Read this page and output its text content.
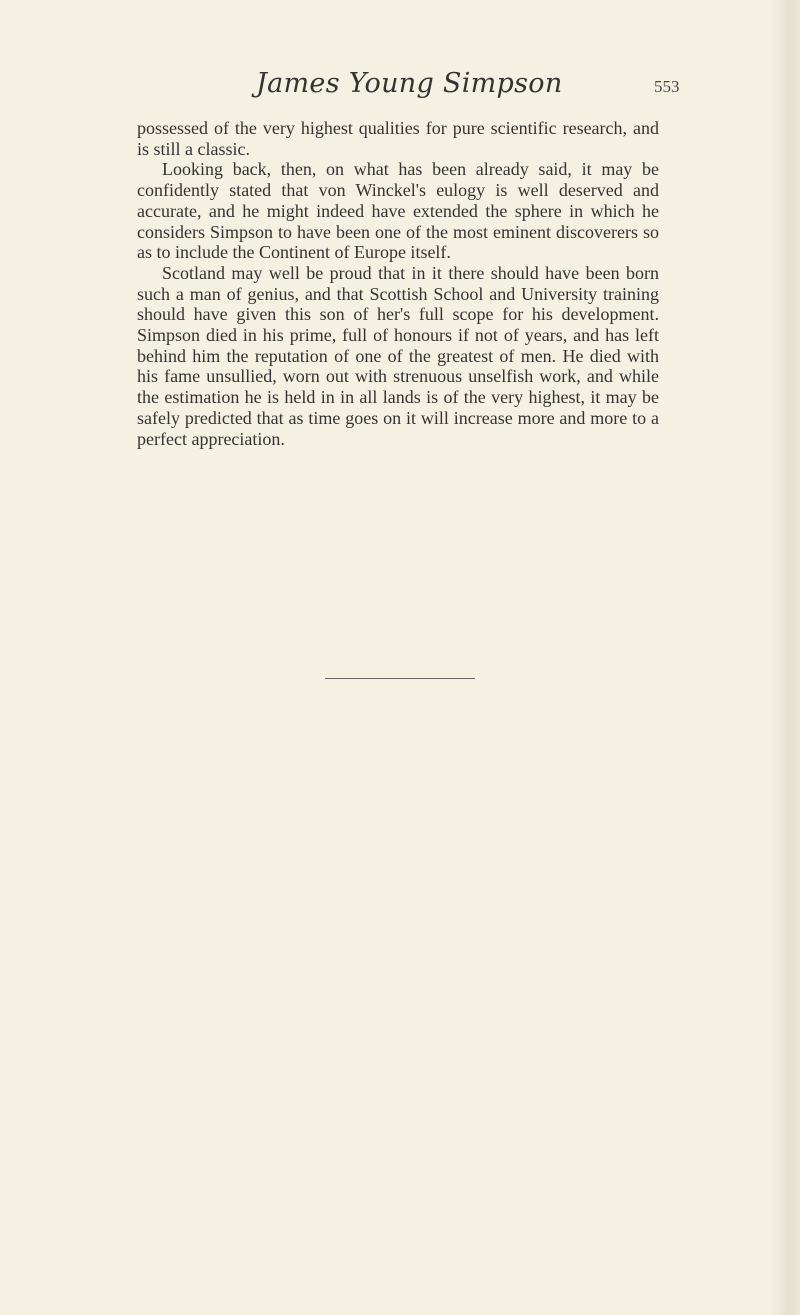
James Young Simpson	553

possessed of the very highest qualities for pure scientific research, and is still a classic.

Looking back, then, on what has been already said, it may be confidently stated that von Winckel's eulogy is well deserved and accurate, and he might indeed have extended the sphere in which he considers Simpson to have been one of the most eminent discoverers so as to include the Continent of Europe itself.

Scotland may well be proud that in it there should have been born such a man of genius, and that Scottish School and University training should have given this son of her's full scope for his development. Simpson died in his prime, full of honours if not of years, and has left behind him the reputation of one of the greatest of men. He died with his fame unsullied, worn out with strenuous unselfish work, and while the estimation he is held in in all lands is of the very highest, it may be safely predicted that as time goes on it will increase more and more to a perfect appreciation.
